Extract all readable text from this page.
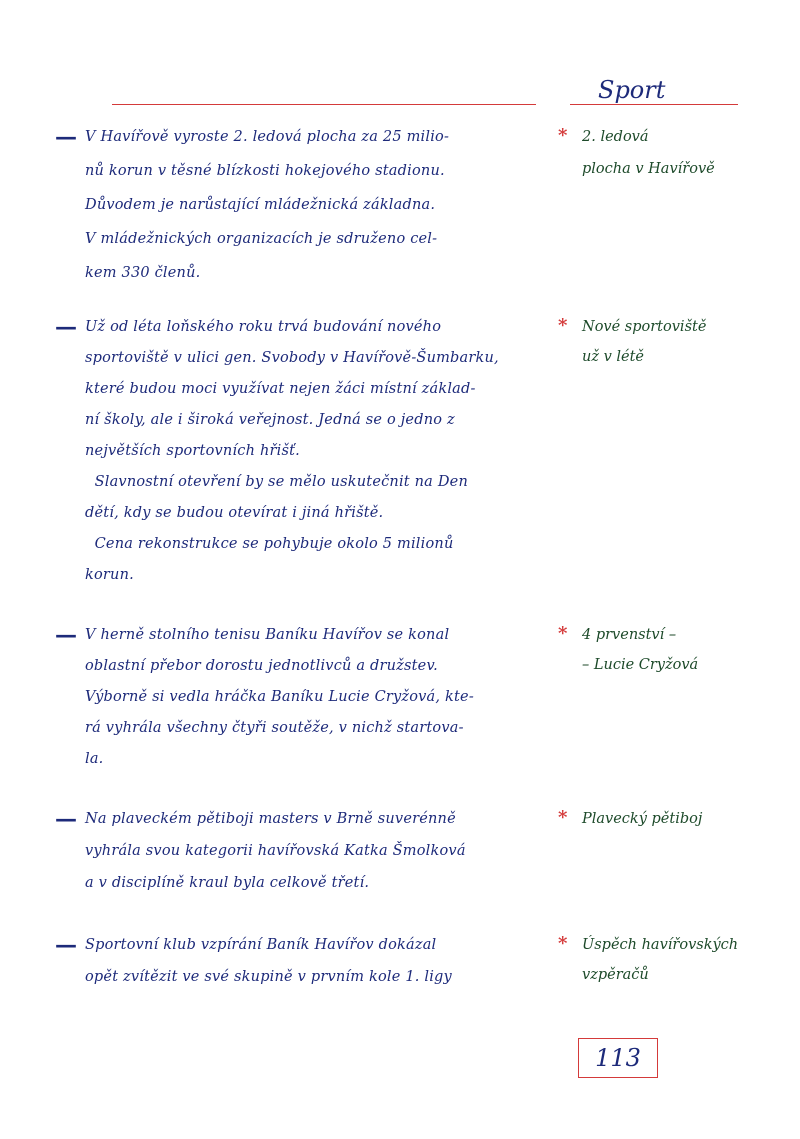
Sport
— V Havířově vyroste 2. ledová plocha za 25 milio-
nů korun v těsné blízkosti hokejového stadionu.
Důvodem je narůstající mládežnická základna.
V mládežnických organizacích je sdruženo cel-
kem 330 členů.
* 2. ledová
plocha v Havířově
— Už od léta loňského roku trvá budování nového
sportoviště v ulici gen. Svobody v Havířově-Šumbarku,
které budou moci využívat nejen žáci místní základ-
ní školy, ale i široká veřejnost. Jedná se o jedno z
největších sportovních hřišť.
Slavnostní otevření by se mělo uskutečnit na Den
dětí, kdy se budou otevírat i jiná hřiště.
Cena rekonstrukce se pohybuje okolo 5 milionů
korun.
* Nové sportoviště
už v létě
— V herně stolního tenisu Baníku Havířov se konal
oblastní přebor dorostu jednotlivců a družstev.
Výborně si vedla hráčka Baníku Lucie Cryžová, kte-
rá vyhrála všechny čtyři soutěže, v nichž startova-
la.
* 4 prvenství –
– Lucie Cryžová
— Na plaveckém pětiboji masters v Brně suverénně
vyhrála svou kategorii havířovská Katka Šmolková
a v disciplíně kraul byla celkově třetí.
* Plavecký pětiboj
— Sportovní klub vzpírání Baník Havířov dokázal
opět zvítězit ve své skupině v prvním kole 1. ligy
* Úspěch havířovských
vzpěračů
113
